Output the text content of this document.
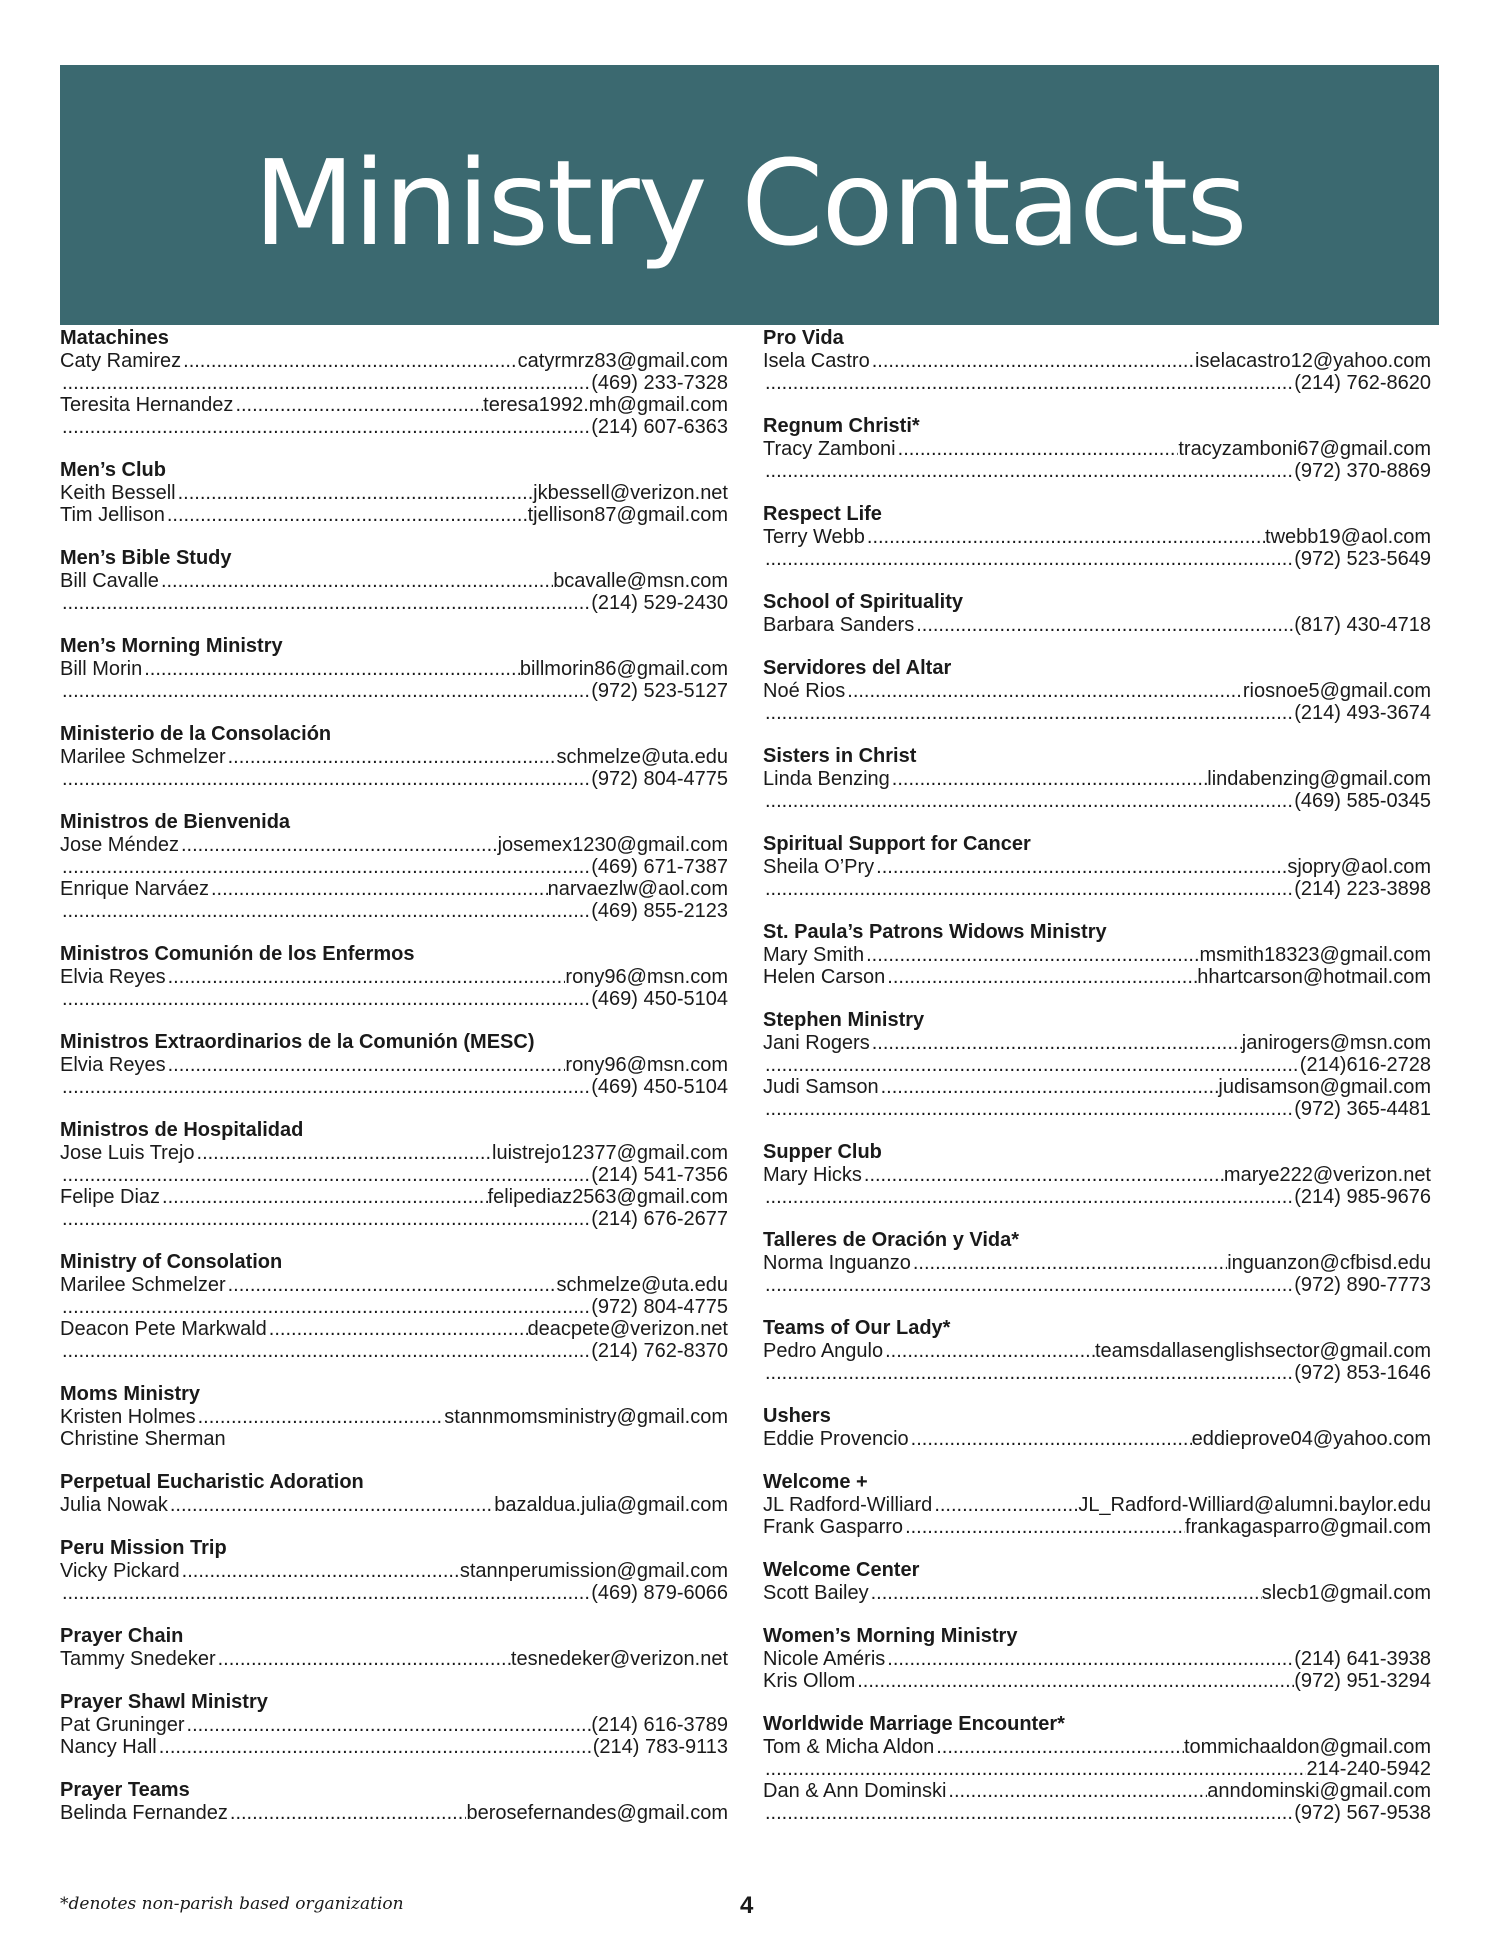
Ministry Contacts
Matachines
Caty Ramirez .....	catyrmrz83@gmail.com
.....
(469) 233-7328
Teresita Hernandez .....	teresa1992.mh@gmail.com
.....
(214) 607-6363
Men’s Club
Keith Bessell .....	jkbessell@verizon.net
Tim Jellison .....	tjellison87@gmail.com
Men’s Bible Study
Bill Cavalle .....	bcavalle@msn.com
.....
(214) 529-2430
Men’s Morning Ministry
Bill Morin .....	billmorin86@gmail.com
.....
(972) 523-5127
Ministerio de la Consolación
Marilee Schmelzer .....	schmelze@uta.edu
.....
(972) 804-4775
Ministros de Bienvenida
Jose Méndez .....	josemex1230@gmail.com
.....
(469) 671-7387
Enrique Narváez .....	narvaezlw@aol.com
.....
(469) 855-2123
Ministros Comunión de los Enfermos
Elvia Reyes .....	rony96@msn.com
.....
(469) 450-5104
Ministros Extraordinarios de la Comunión (MESC)
Elvia Reyes .....	rony96@msn.com
.....
(469) 450-5104
Ministros de Hospitalidad
Jose Luis Trejo .....	luistrejo12377@gmail.com
.....
(214) 541-7356
Felipe Diaz .....	felipediaz2563@gmail.com
.....
(214) 676-2677
Ministry of Consolation
Marilee Schmelzer .....	schmelze@uta.edu
.....
(972) 804-4775
Deacon Pete Markwald .....	deacpete@verizon.net
.....
(214) 762-8370
Moms Ministry
Kristen Holmes .....	stannmomsministry@gmail.com
Christine Sherman
Perpetual Eucharistic Adoration
Julia Nowak .....	bazaldua.julia@gmail.com
Peru Mission Trip
Vicky Pickard .....	stannperumission@gmail.com
.....
(469) 879-6066
Prayer Chain
Tammy Snedeker .....	tesnedeker@verizon.net
Prayer Shawl Ministry
Pat Gruninger .....	(214) 616-3789
Nancy Hall .....	(214) 783-9113
Prayer Teams
Belinda Fernandez .....	berosefernandes@gmail.com
Pro Vida
Isela Castro .....	iselacastro12@yahoo.com
.....
(214) 762-8620
Regnum Christi*
Tracy Zamboni .....	tracyzamboni67@gmail.com
.....
(972) 370-8869
Respect Life
Terry Webb .....	twebb19@aol.com
.....
(972) 523-5649
School of Spirituality
Barbara Sanders .....	(817) 430-4718
Servidores del Altar
Noé Rios .....	riosnoe5@gmail.com
.....
(214) 493-3674
Sisters in Christ
Linda Benzing .....	lindabenzing@gmail.com
.....
(469) 585-0345
Spiritual Support for Cancer
Sheila O’Pry .....	sjopry@aol.com
.....
(214) 223-3898
St. Paula’s Patrons Widows Ministry
Mary Smith .....	msmith18323@gmail.com
Helen Carson .....	hhartcarson@hotmail.com
Stephen Ministry
Jani Rogers .....	janirogers@msn.com
.....
(214)616-2728
Judi Samson .....	judisamson@gmail.com
.....
(972) 365-4481
Supper Club
Mary Hicks .....	marye222@verizon.net
.....
(214) 985-9676
Talleres de Oración y Vida*
Norma Inguanzo .....	inguanzon@cfbisd.edu
.....
(972) 890-7773
Teams of Our Lady*
Pedro Angulo .....	teamsdallasenglishsector@gmail.com
.....
(972) 853-1646
Ushers
Eddie Provencio .....	eddieprove04@yahoo.com
Welcome +
JL Radford-Williard .....	JL_Radford-Williard@alumni.baylor.edu
Frank Gasparro .....	frankagasparro@gmail.com
Welcome Center
Scott Bailey .....	slecb1@gmail.com
Women’s Morning Ministry
Nicole Améris .....	(214) 641-3938
Kris Ollom .....	(972) 951-3294
Worldwide Marriage Encounter*
Tom & Micha Aldon .....	tommichaaldon@gmail.com
.....
214-240-5942
Dan & Ann Dominski .....	anndominski@gmail.com
.....
(972) 567-9538
*denotes non-parish based organization	4
